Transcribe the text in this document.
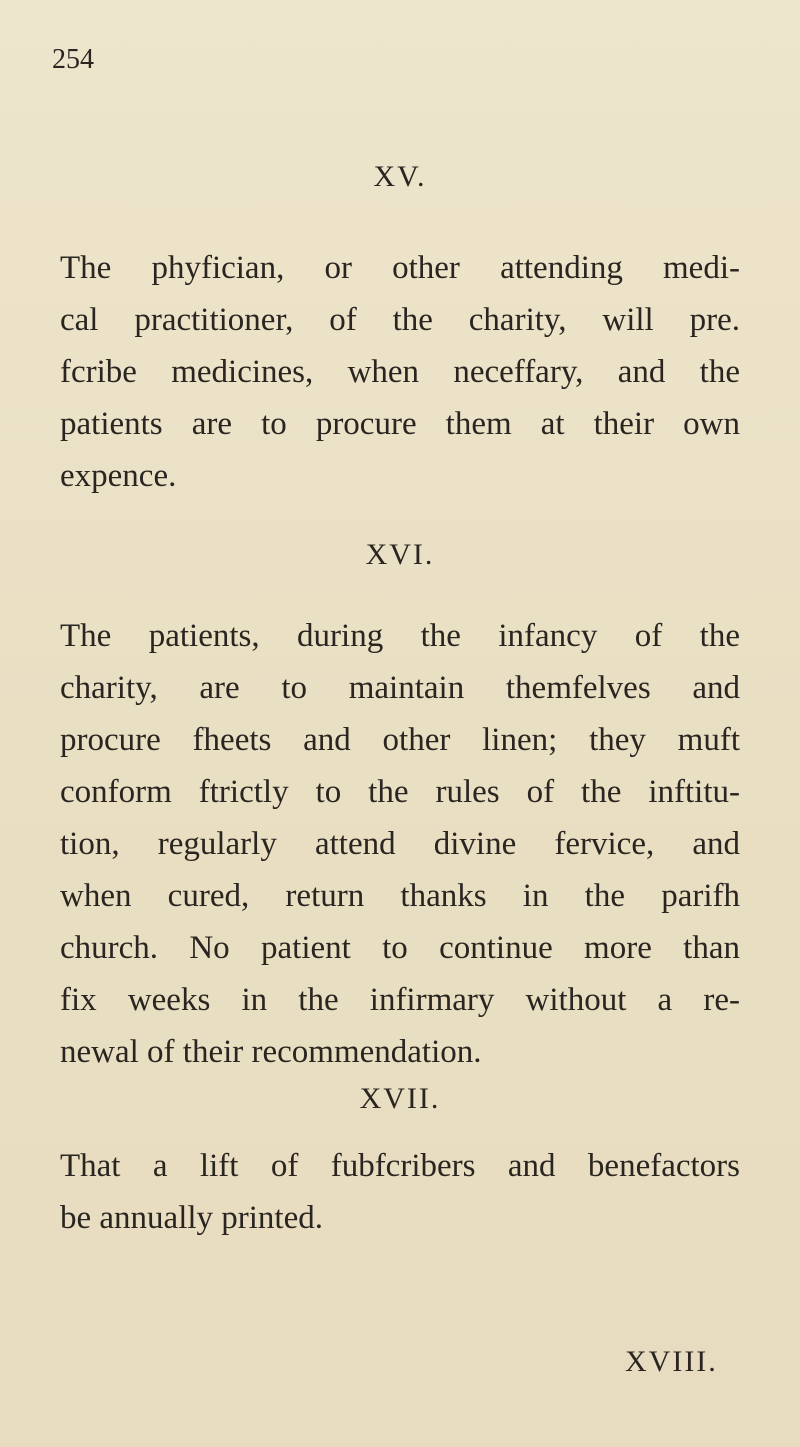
254
XV.
The phyfician, or other attending medi-
cal practitioner, of the charity, will pre.
fcribe medicines, when neceffary, and the
patients are to procure them at their own
expence.
XVI.
The patients, during the infancy of the
charity, are to maintain themfelves and
procure fheets and other linen; they muft
conform ftrictly to the rules of the inftitu-
tion, regularly attend divine fervice, and
when cured, return thanks in the parifh
church. No patient to continue more than
fix weeks in the infirmary without a re-
newal of their recommendation.
XVII.
That a lift of fubfcribers and benefactors
be annually printed.
XVIII.
